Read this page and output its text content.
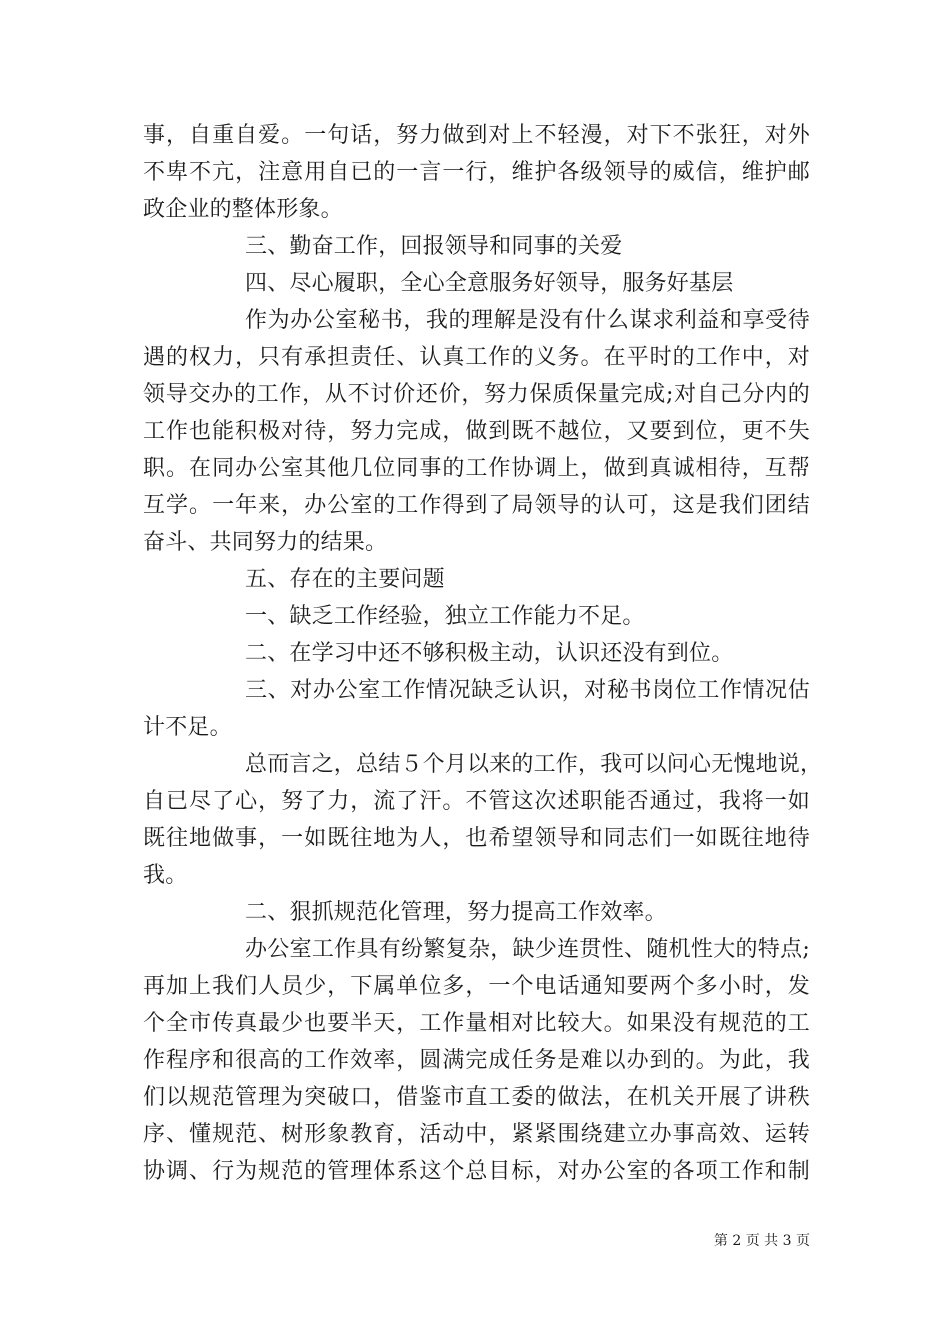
事，自重自爱。一句话，努力做到对上不轻漫，对下不张狂，对外
不卑不亢，注意用自已的一言一行，维护各级领导的威信，维护邮
政企业的整体形象。
三、勤奋工作，回报领导和同事的关爱
四、尽心履职，全心全意服务好领导，服务好基层
作为办公室秘书，我的理解是没有什么谋求利益和享受待
遇的权力，只有承担责任、认真工作的义务。在平时的工作中，对
领导交办的工作，从不讨价还价，努力保质保量完成;对自己分内的
工作也能积极对待，努力完成，做到既不越位，又要到位，更不失
职。在同办公室其他几位同事的工作协调上，做到真诚相待，互帮
互学。一年来，办公室的工作得到了局领导的认可，这是我们团结
奋斗、共同努力的结果。
五、存在的主要问题
一、缺乏工作经验，独立工作能力不足。
二、在学习中还不够积极主动，认识还没有到位。
三、对办公室工作情况缺乏认识，对秘书岗位工作情况估
计不足。
总而言之，总结５个月以来的工作，我可以问心无愧地说，
自已尽了心，努了力，流了汗。不管这次述职能否通过，我将一如
既往地做事，一如既往地为人，也希望领导和同志们一如既往地待
我。
二、狠抓规范化管理，努力提高工作效率。
办公室工作具有纷繁复杂，缺少连贯性、随机性大的特点;
再加上我们人员少，下属单位多，一个电话通知要两个多小时，发
个全市传真最少也要半天，工作量相对比较大。如果没有规范的工
作程序和很高的工作效率，圆满完成任务是难以办到的。为此，我
们以规范管理为突破口，借鉴市直工委的做法，在机关开展了讲秩
序、懂规范、树形象教育，活动中，紧紧围绕建立办事高效、运转
协调、行为规范的管理体系这个总目标，对办公室的各项工作和制
第 2 页 共 3 页
